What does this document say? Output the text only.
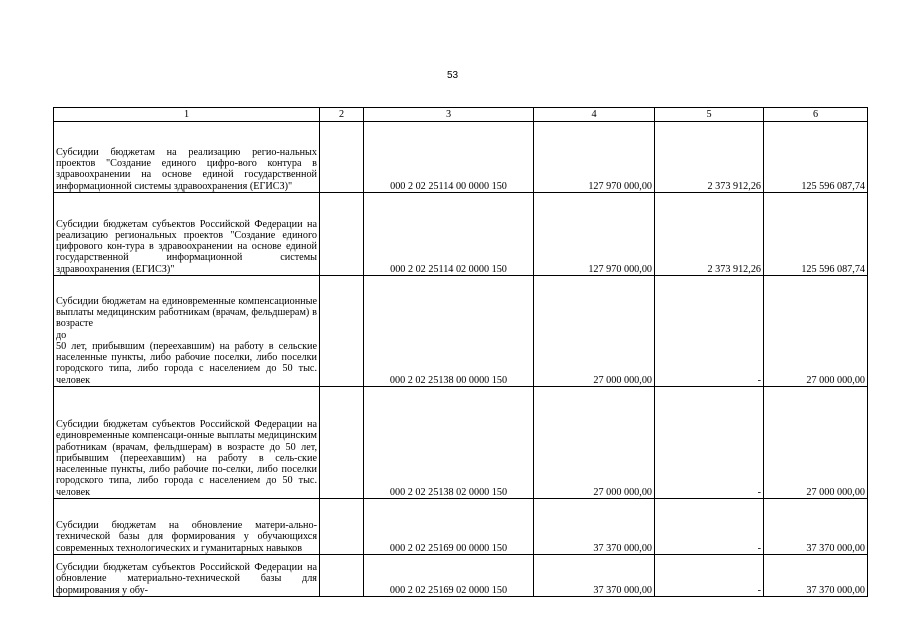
53
1	2	3	4	5	6
Субсидии бюджетам на реализацию регио-нальных проектов "Создание единого цифро-вого контура в здравоохранении на основе единой государственной информационной системы здравоохранения (ЕГИСЗ)"		000 2 02 25114 00 0000 150	127 970 000,00	2 373 912,26	125 596 087,74
Субсидии бюджетам субъектов Российской Федерации на реализацию региональных проектов "Создание единого цифрового кон-тура в здравоохранении на основе единой государственной информационной системы здравоохранения (ЕГИСЗ)"		000 2 02 25114 02 0000 150	127 970 000,00	2 373 912,26	125 596 087,74

Субсидии бюджетам на единовременные компенсационные выплаты медицинским работникам (врачам, фельдшерам) в возрасте
до
50 лет, прибывшим (переехавшим) на работу в сельские населенные пункты, либо рабочие поселки, либо поселки городского типа, либо города с населением до 50 тыс. человек		000 2 02 25138 00 0000 150	27 000 000,00	-	27 000 000,00
Субсидии бюджетам субъектов Российской Федерации на единовременные компенсаци-онные выплаты медицинским работникам (врачам, фельдшерам) в возрасте до 50 лет, прибывшим (переехавшим) на работу в сель-ские населенные пункты, либо рабочие по-селки, либо поселки городского типа, либо города с населением до 50 тыс. человек		000 2 02 25138 02 0000 150	27 000 000,00	-	27 000 000,00
Субсидии бюджетам на обновление матери-ально-технической базы для формирования у обучающихся современных технологических и гуманитарных навыков		000 2 02 25169 00 0000 150	37 370 000,00	-	37 370 000,00
Субсидии бюджетам субъектов Российской Федерации на обновление материально-технической базы для формирования у обу-		000 2 02 25169 02 0000 150	37 370 000,00	-	37 370 000,00
